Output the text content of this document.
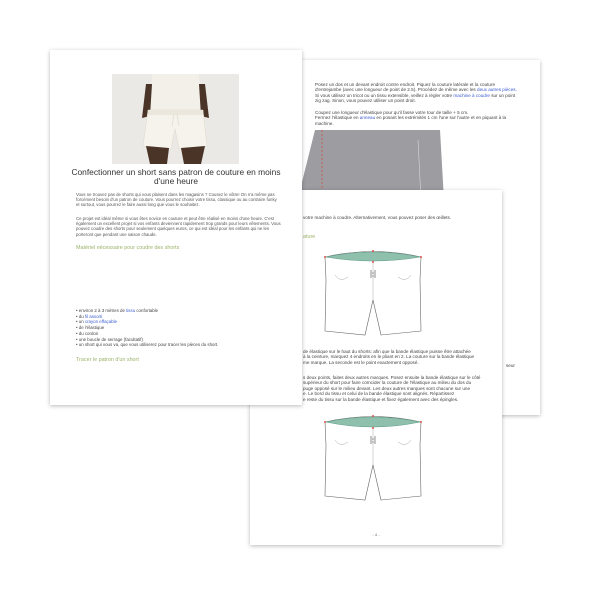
Posez un dos et un devant endroit contre endroit. Piquez la couture latérale et la couture
d'entrejambe (avec une longueur de point de 2.5). Procédez de même avec les deux autres pièces.
Si vous utilisez un tricot ou un tissu extensible, veillez à régler votre machine à coudre sur un point
zig zag. Sinon, vous pouvez utiliser un point droit.
Coupez une longueur d'élastique pour qu'il fasse votre tour de taille + 5 cm.
Fermez l'élastique en anneau en posant les extrémités 1 cm l'une sur l'autre et en piquant à la
machine.
seur
votre machine à coudre. Alternativement, vous pouvez poser des œillets.
ature
de élastique sur le haut du shorts: afin que la bande élastique puisse être attachée
à la ceinture, marquez 4 endroits en le pliant en 2. La couture sur la bande élastique
me marque. La seconde est le point exactement opposé.
s deux points, faites deux autres marques. Posez ensuite la bande élastique sur le côté
supérieur du short pour faire coïncider la couture de l'élastique au milieu du dos du
puge opposé sur le milieu devant. Les deux autres marques sont chacune sur une
e. Le bord du tissu et celui de la bande élastique sont alignés. Répartissez
e reste du tissu sur la bande élastique et fixez également avec des épingles.
- 4 -
Confectionner un short sans patron de couture en moins d'une heure
Vous ne trouvez pas de shorts qui vous plaisent dans les magasins ? Cousez le vôtre! On n'a même pas forcément besoin d'un patron de couture. Vous pourrez choisir votre tissu, classique ou au contraire funky et surtout, vous pourrez le faire aussi long que vous le souhaitez.
Ce projet est idéal même si vous êtes novice en couture et peut être réalisé en moins d'une heure. C'est également un excellent projet si vos enfants deviennent rapidement trop grands pour leurs vêtements. Vous pouvez coudre des shorts pour seulement quelques euros, ce qui est idéal pour les enfants qui ne les porteront que pendant une saison chaude.
Matériel nécessaire pour coudre des shorts
• environ 2 à 3 mètres de tissu confortable
• du fil assorti
• un crayon effaçable
• de l'élastique
• du cordon
• une boucle de serrage (facultatif)
• un short qui vous va, que vous utiliserez pour tracer les pièces du short.
Tracer le patron d'un short
